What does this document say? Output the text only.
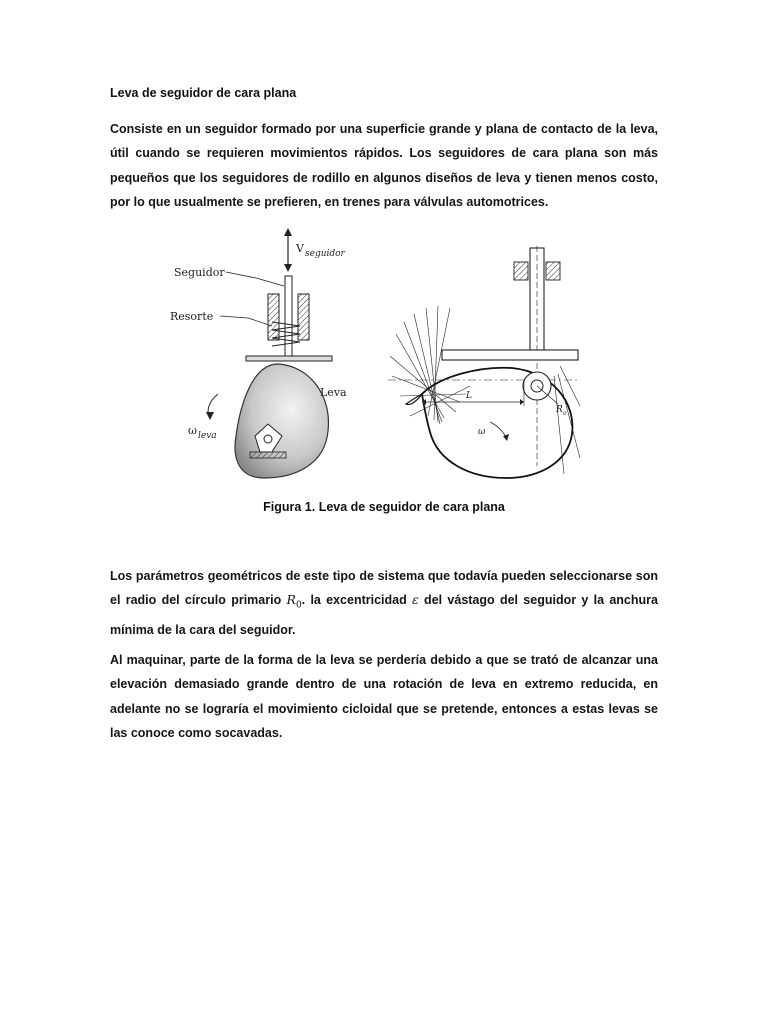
Leva de seguidor de cara plana

Consiste en un seguidor formado por una superficie grande y plana de contacto de la leva, útil cuando se requieren movimientos rápidos. Los seguidores de cara plana son más pequeños que los seguidores de rodillo en algunos diseños de leva y tienen menos costo, por lo que usualmente se prefieren, en trenes para válvulas automotrices.

V seguidor
Seguidor
Resorte
Leva
ω leva
L
R o
ω

Figura 1. Leva de seguidor de cara plana

Los parámetros geométricos de este tipo de sistema que todavía pueden seleccionarse son el radio del círculo primario $R_0$. la excentricidad ε del vástago del seguidor y la anchura mínima de la cara del seguidor.

Al maquinar, parte de la forma de la leva se perdería debido a que se trató de alcanzar una elevación demasiado grande dentro de una rotación de leva en extremo reducida, en adelante no se lograría el movimiento cicloidal que se pretende, entonces a estas levas se las conoce como socavadas.
